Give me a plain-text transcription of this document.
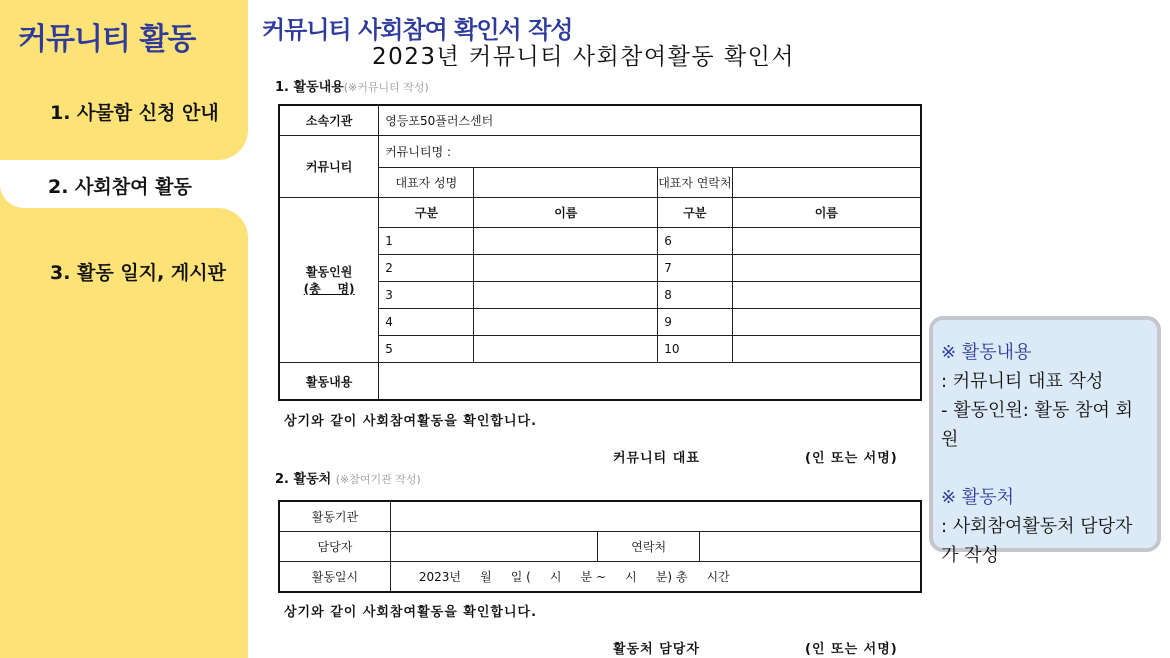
커뮤니티 활동
1. 사물함 신청 안내
2. 사회참여 활동
3. 활동 일지, 게시판
커뮤니티 사회참여 확인서 작성
2023년 커뮤니티 사회참여활동 확인서
1. 활동내용(※커뮤니티 작성)
소속기관	영등포50플러스센터			
커뮤니티	커뮤니티명 :			
	대표자 성명		대표자 연락처	

활동인원
(총    명)	구분	이름	구분	이름
	1		6	
	2		7	
	3		8	
	4		9	
	5		10	
활동내용				
상기와 같이 사회참여활동을 확인합니다.
커뮤니티 대표	(인 또는 서명)
2. 활동처 (※참여기관 작성)
활동기관			
담당자		연락처	
활동일시	2023년     월     일 (     시     분 ~     시     분) 총     시간		
상기와 같이 사회참여활동을 확인합니다.
활동처 담당자	(인 또는 서명)
※ 활동내용
: 커뮤니티 대표 작성
- 활동인원: 활동 참여 회원
※ 활동처
: 사회참여활동처 담당자가 작성
